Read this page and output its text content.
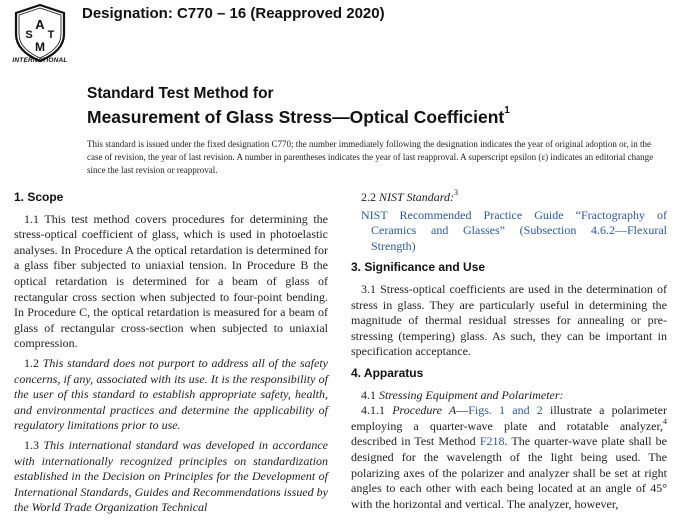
A
S T
M
INTERNATIONAL
Designation: C770 – 16 (Reapproved 2020)
Standard Test Method for
Measurement of Glass Stress—Optical Coefficient$^1$
This standard is issued under the fixed designation C770; the number immediately following the designation indicates the year of original adoption or, in the case of revision, the year of last revision. A number in parentheses indicates the year of last reapproval. A superscript epsilon (ε) indicates an editorial change since the last revision or reapproval.
1. Scope
1.1 This test method covers procedures for determining the stress-optical coefficient of glass, which is used in photoelastic analyses. In Procedure A the optical retardation is determined for a glass fiber subjected to uniaxial tension. In Procedure B the optical retardation is determined for a beam of glass of rectangular cross section when subjected to four-point bending. In Procedure C, the optical retardation is measured for a beam of glass of rectangular cross-section when subjected to uniaxial compression.
1.2 This standard does not purport to address all of the safety concerns, if any, associated with its use. It is the responsibility of the user of this standard to establish appropriate safety, health, and environmental practices and determine the applicability of regulatory limitations prior to use.
1.3 This international standard was developed in accordance with internationally recognized principles on standardization established in the Decision on Principles for the Development of International Standards, Guides and Recommendations issued by the World Trade Organization Technical
2.2 NIST Standard:$^3$
NIST Recommended Practice Guide “Fractography of Ceramics and Glasses” (Subsection 4.6.2—Flexural Strength)
3. Significance and Use
3.1 Stress-optical coefficients are used in the determination of stress in glass. They are particularly useful in determining the magnitude of thermal residual stresses for annealing or pre-stressing (tempering) glass. As such, they can be important in specification acceptance.
4. Apparatus
4.1 Stressing Equipment and Polarimeter:
4.1.1 Procedure A—Figs. 1 and 2 illustrate a polarimeter employing a quarter-wave plate and rotatable analyzer,$^4$ described in Test Method F218. The quarter-wave plate shall be designed for the wavelength of the light being used. The polarizing axes of the polarizer and analyzer shall be set at right angles to each other with each being located at an angle of 45° with the horizontal and vertical. The analyzer, however,
